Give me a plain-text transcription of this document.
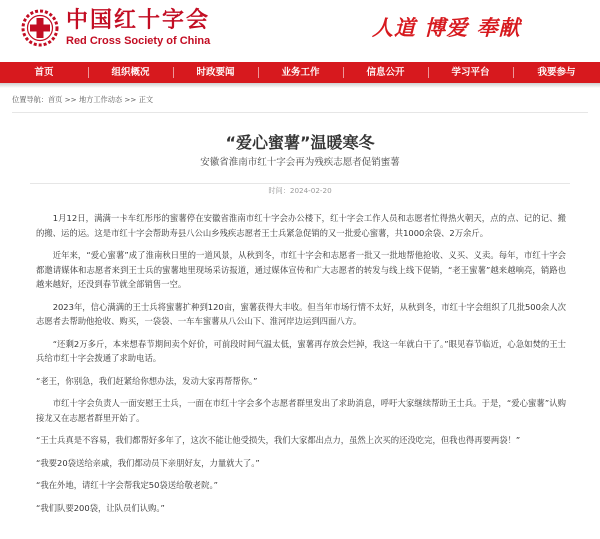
中国红十字会
Red Cross Society of China
人道 博爱 奉献
首页	组织概况	时政要闻	业务工作	信息公开	学习平台	我要参与
位置导航：首页 >> 地方工作动态 >> 正文
“爱心蜜薯”温暖寒冬
安徽省淮南市红十字会再为残疾志愿者促销蜜薯
时间：2024-02-20

1月12日，满满一卡车红彤彤的蜜薯停在安徽省淮南市红十字会办公楼下，红十字会工作人员和志愿者忙得热火朝天，点的点、记的记、搬的搬、运的运。这是市红十字会帮助寿县八公山乡残疾志愿者王士兵紧急促销的又一批爱心蜜薯，共1000余袋、2万余斤。

近年来，“爱心蜜薯”成了淮南秋日里的一道风景，从秋到冬，市红十字会和志愿者一批又一批地帮他抢收、义买、义卖。每年，市红十字会都邀请媒体和志愿者来到王士兵的蜜薯地里现场采访报道，通过媒体宣传和广大志愿者的转发与线上线下促销，“老王蜜薯”越来越响亮，销路也越来越好，还没到春节就全部销售一空。

2023年，信心满满的王士兵将蜜薯扩种到120亩，蜜薯获得大丰收。但当年市场行情不太好，从秋到冬，市红十字会组织了几批500余人次志愿者去帮助他抢收、购买，一袋袋、一车车蜜薯从八公山下、淮河岸边运到四面八方。

“还剩2万多斤，本来想春节期间卖个好价，可前段时间气温太低，蜜薯再存放会烂掉，我这一年就白干了。”眼见春节临近，心急如焚的王士兵给市红十字会拨通了求助电话。

“老王，你别急，我们赶紧给你想办法，发动大家再帮帮你。”

市红十字会负责人一面安慰王士兵，一面在市红十字会多个志愿者群里发出了求助消息，呼吁大家继续帮助王士兵。于是，“爱心蜜薯”认购接龙又在志愿者群里开始了。

“王士兵真是不容易，我们都帮好多年了，这次不能让他受损失，我们大家都出点力，虽然上次买的还没吃完，但我也得再要两袋！”

“我要20袋送给亲戚，我们都动员下亲朋好友，力量就大了。”

“我在外地，请红十字会帮我定50袋送给敬老院。”

“我们队要200袋，让队员们认购。”
